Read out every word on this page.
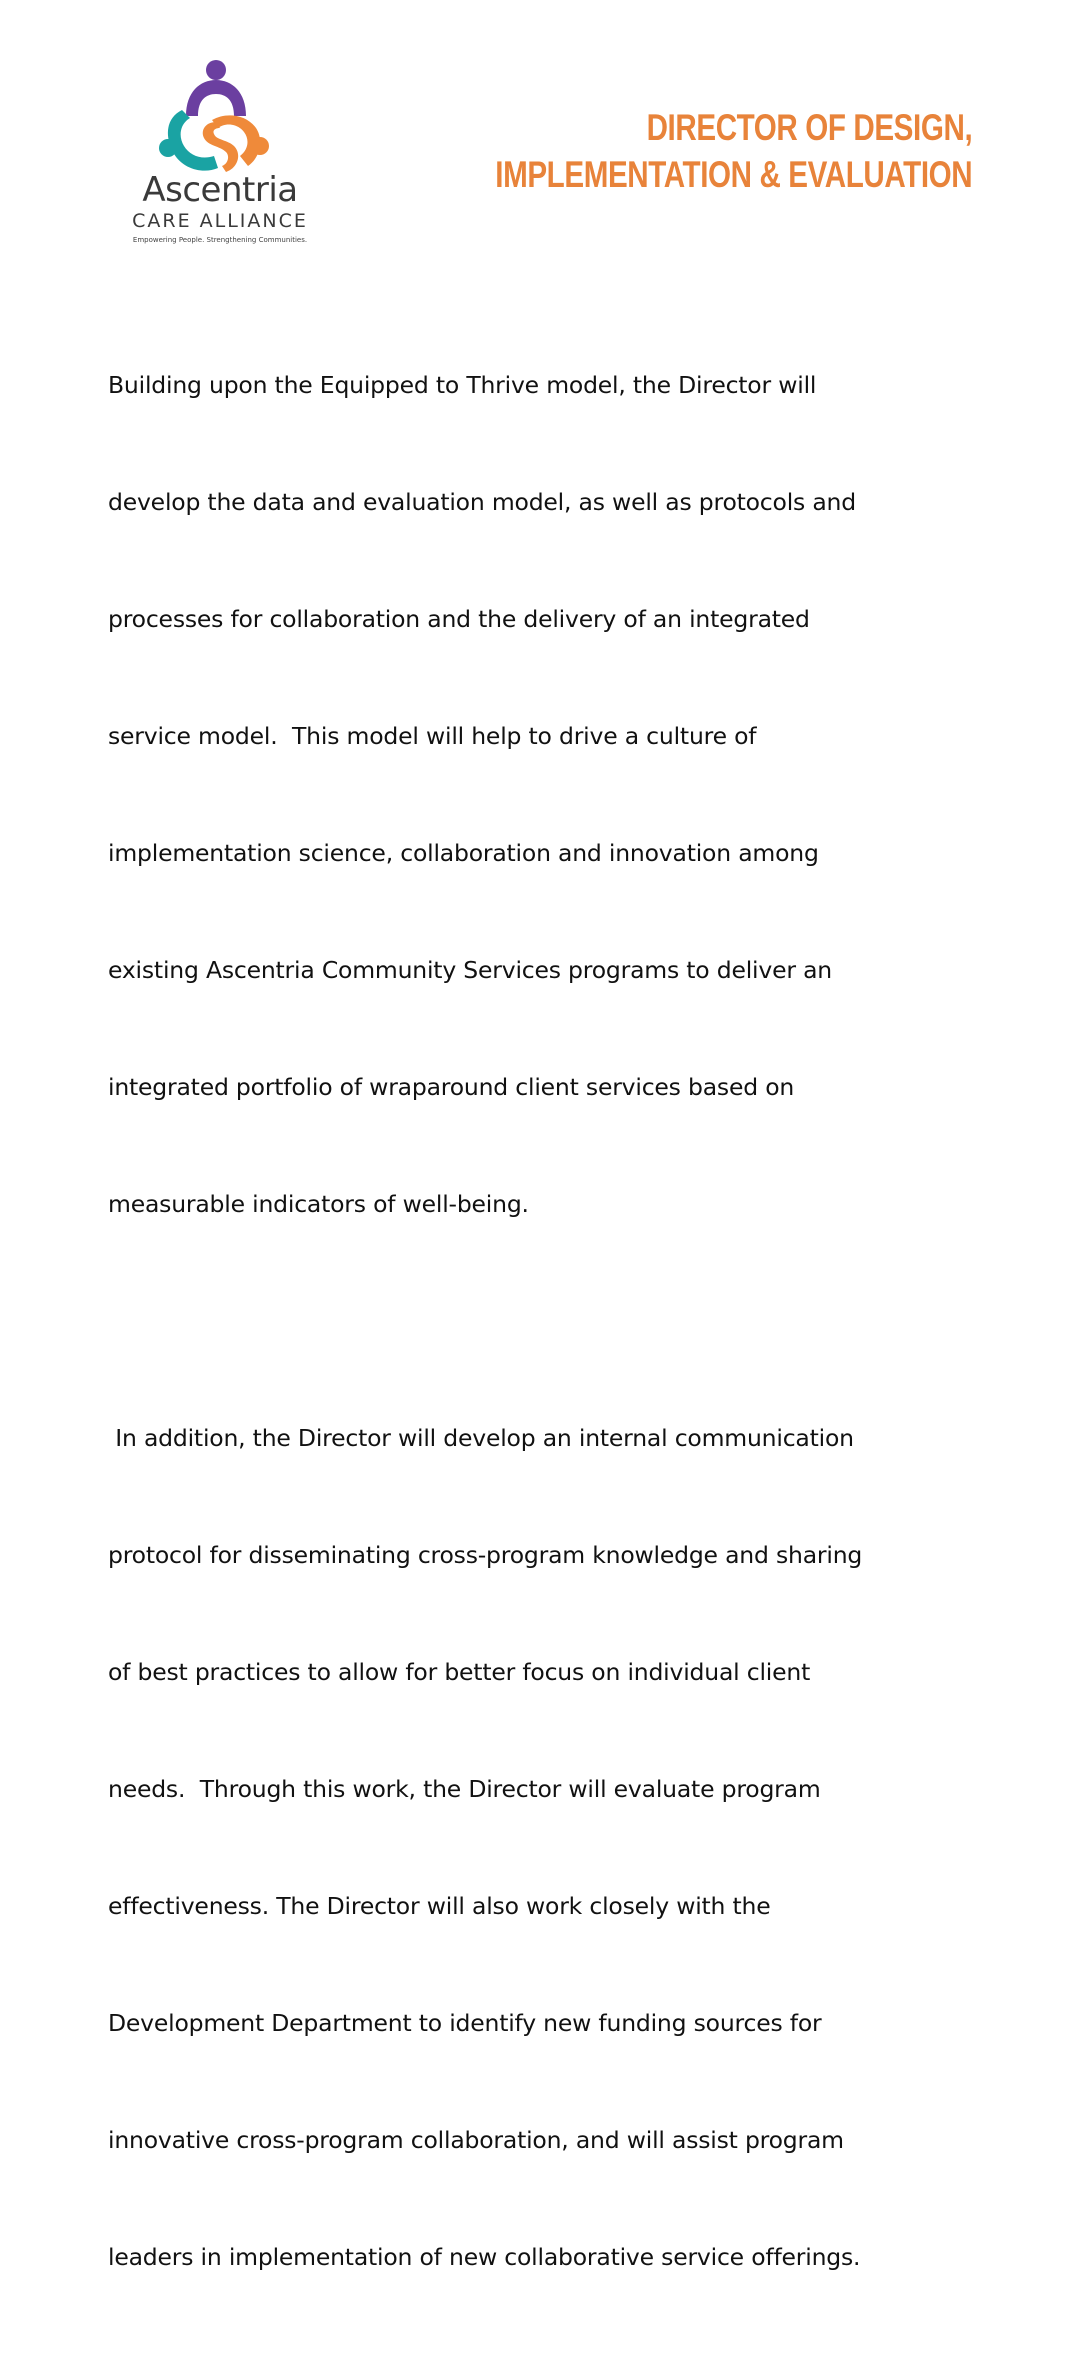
Ascentria
CARE ALLIANCE
Empowering People. Strengthening Communities.
DIRECTOR OF DESIGN,
IMPLEMENTATION & EVALUATION

Building upon the Equipped to Thrive model, the Director will

develop the data and evaluation model, as well as protocols and

processes for collaboration and the delivery of an integrated

service model.  This model will help to drive a culture of

implementation science, collaboration and innovation among

existing Ascentria Community Services programs to deliver an

integrated portfolio of wraparound client services based on

measurable indicators of well-being.

In addition, the Director will develop an internal communication

protocol for disseminating cross-program knowledge and sharing

of best practices to allow for better focus on individual client

needs.  Through this work, the Director will evaluate program

effectiveness. The Director will also work closely with the

Development Department to identify new funding sources for

innovative cross-program collaboration, and will assist program

leaders in implementation of new collaborative service offerings.
